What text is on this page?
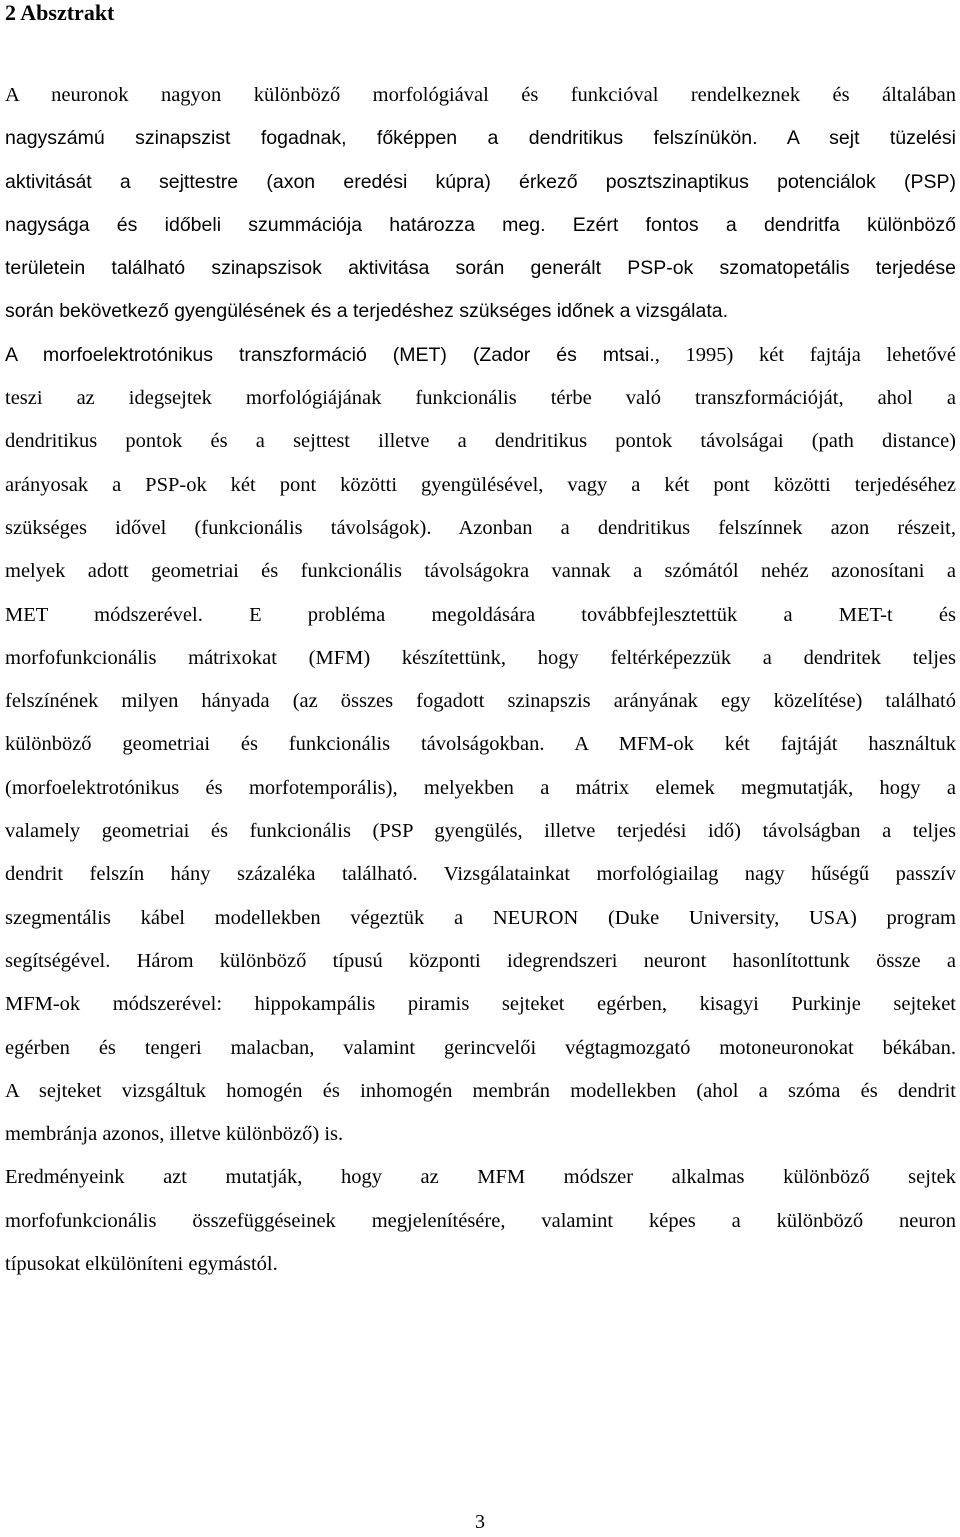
2 Absztrakt
A neuronok nagyon különböző morfológiával és funkcióval rendelkeznek és általában
nagyszámú szinapszist fogadnak, főképpen a dendritikus felszínükön. A sejt tüzelési
aktivitását a sejttestre (axon eredési kúpra) érkező posztszinaptikus potenciálok (PSP)
nagysága és időbeli szummációja határozza meg. Ezért fontos a dendritfa különböző
területein található szinapszisok aktivitása során generált PSP-ok szomatopetális terjedése
során bekövetkező gyengülésének és a terjedéshez szükséges időnek a vizsgálata.
A morfoelektrotónikus transzformáció (MET) (Zador és mtsai., 1995) két fajtája lehetővé
teszi az idegsejtek morfológiájának funkcionális térbe való transzformációját, ahol a
dendritikus pontok és a sejttest illetve a dendritikus pontok távolságai (path distance)
arányosak a PSP-ok két pont közötti gyengülésével, vagy a két pont közötti terjedéséhez
szükséges idővel (funkcionális távolságok). Azonban a dendritikus felszínnek azon részeit,
melyek adott geometriai és funkcionális távolságokra vannak a szómától nehéz azonosítani a
MET módszerével. E probléma megoldására továbbfejlesztettük a MET-t és
morfofunkcionális mátrixokat (MFM) készítettünk, hogy feltérképezzük a dendritek teljes
felszínének milyen hányada (az összes fogadott szinapszis arányának egy közelítése) található
különböző geometriai és funkcionális távolságokban. A MFM-ok két fajtáját használtuk
(morfoelektrotónikus és morfotemporális), melyekben a mátrix elemek megmutatják, hogy a
valamely geometriai és funkcionális (PSP gyengülés, illetve terjedési idő) távolságban a teljes
dendrit felszín hány százaléka található. Vizsgálatainkat morfológiailag nagy hűségű passzív
szegmentális kábel modellekben végeztük a NEURON (Duke University, USA) program
segítségével. Három különböző típusú központi idegrendszeri neuront hasonlítottunk össze a
MFM-ok módszerével: hippokampális piramis sejteket egérben, kisagyi Purkinje sejteket
egérben és tengeri malacban, valamint gerincvelői végtagmozgató motoneuronokat békában.
A sejteket vizsgáltuk homogén és inhomogén membrán modellekben (ahol a szóma és dendrit
membránja azonos, illetve különböző) is.
Eredményeink azt mutatják, hogy az MFM módszer alkalmas különböző sejtek
morfofunkcionális összefüggéseinek megjelenítésére, valamint képes a különböző neuron
típusokat elkülöníteni egymástól.
3
